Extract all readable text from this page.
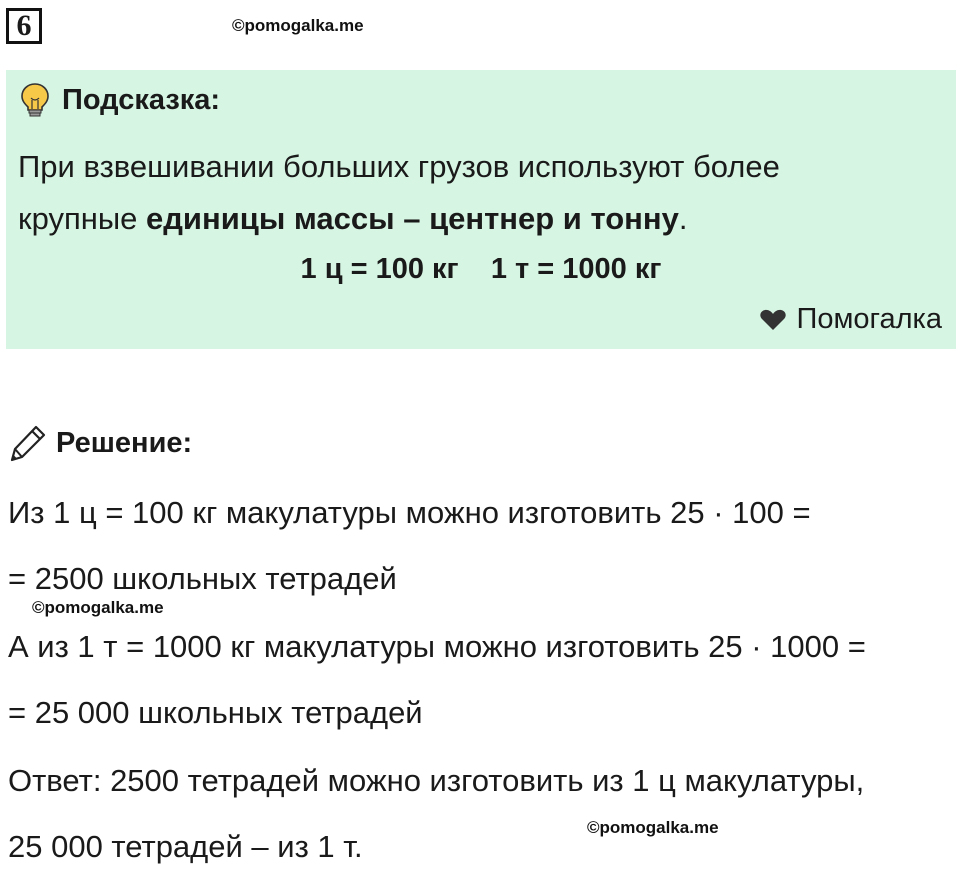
6	©pomogalka.me
Подсказка:
При взвешивании больших грузов используют более
крупные единицы массы – центнер и тонну.
1 ц = 100 кг    1 т = 1000 кг
Помогалка
Решение:
Из 1 ц = 100 кг макулатуры можно изготовить 25 · 100 =
= 2500 школьных тетрадей
©pomogalka.me
А из 1 т = 1000 кг макулатуры можно изготовить 25 · 1000 =
= 25 000 школьных тетрадей
Ответ: 2500 тетрадей можно изготовить из 1 ц макулатуры,
©pomogalka.me
25 000 тетрадей – из 1 т.
